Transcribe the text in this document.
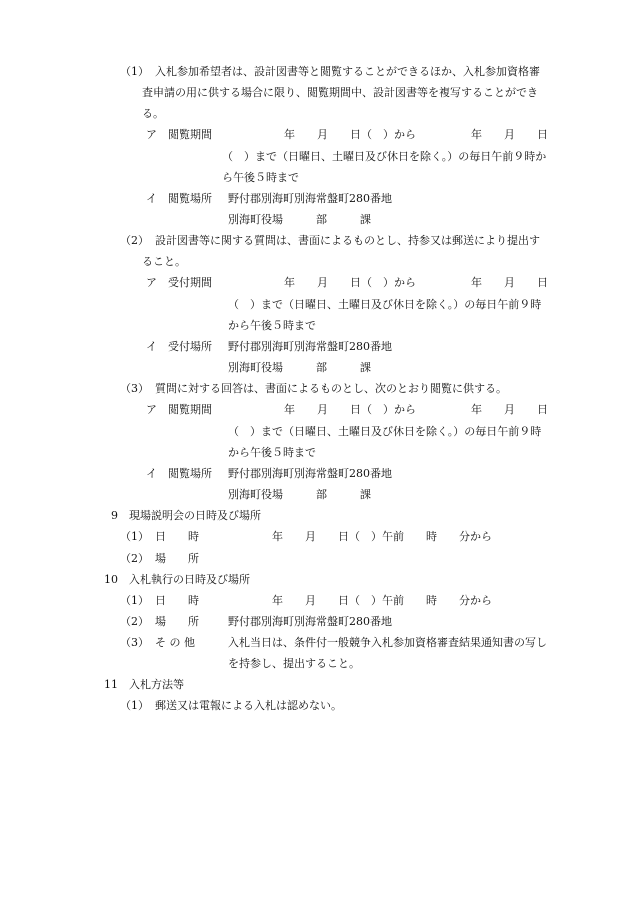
（1） 入札参加希望者は、設計図書等と閲覧することができるほか、入札参加資格審
査申請の用に供する場合に限り、閲覧期間中、設計図書等を複写することができ
る。
ア　閲覧期間	年　　月　　日（　）から　　　　　年　　月　　日
（　）まで（日曜日、土曜日及び休日を除く。）の毎日午前９時か
ら午後５時まで
イ　閲覧場所 野付郡別海町別海常盤町280番地
別海町役場　　　部　　　課
（2） 設計図書等に関する質問は、書面によるものとし、持参又は郵送により提出す
ること。
ア　受付期間	年　　月　　日（　）から　　　　　年　　月　　日
（　）まで（日曜日、土曜日及び休日を除く。）の毎日午前９時
から午後５時まで
イ　受付場所 野付郡別海町別海常盤町280番地
別海町役場　　　部　　　課
（3） 質問に対する回答は、書面によるものとし、次のとおり閲覧に供する。
ア　閲覧期間	年　　月　　日（　）から　　　　　年　　月　　日
（　）まで（日曜日、土曜日及び休日を除く。）の毎日午前９時
から午後５時まで
イ　閲覧場所 野付郡別海町別海常盤町280番地
別海町役場　　　部　　　課
9　現場説明会の日時及び場所
（1） 日　　時	年　　月　　日（　）午前　　時　　分から
（2） 場　　所
10　入札執行の日時及び場所
（1） 日　　時	年　　月　　日（　）午前　　時　　分から
（2） 場　　所	野付郡別海町別海常盤町280番地
（3） そ の 他	入札当日は、条件付一般競争入札参加資格審査結果通知書の写し
を持参し、提出すること。
11　入札方法等
（1） 郵送又は電報による入札は認めない。
